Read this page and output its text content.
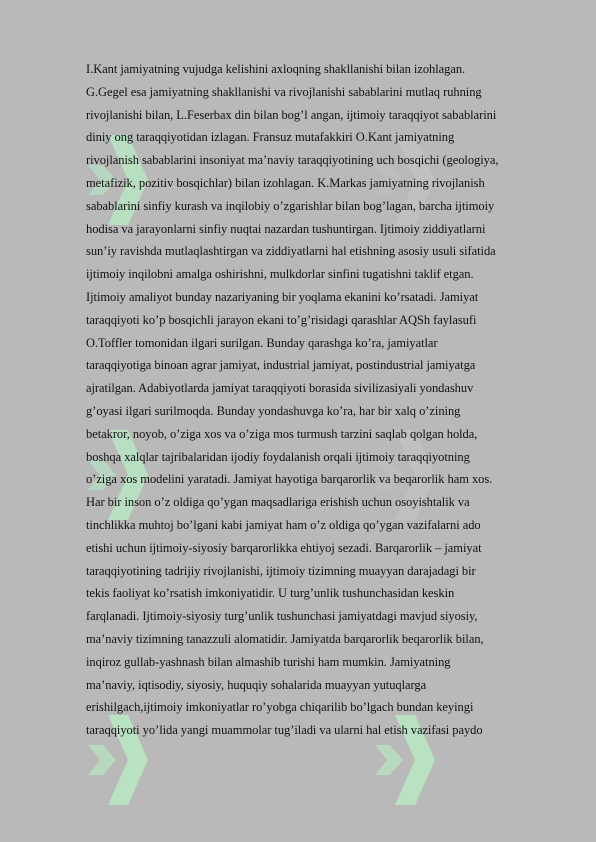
I.Kant jamiyatning vujudga kelishini axloqning shakllanishi bilan izohlagan.
G.Gegel esa jamiyatning shakllanishi va rivojlanishi sabablarini mutlaq ruhning
rivojlanishi bilan, L.Feserbax din bilan bog’l angan, ijtimoiy taraqqiyot sabablarini
diniy ong taraqqiyotidan izlagan. Fransuz mutafakkiri O.Kant jamiyatning
rivojlanish sabablarini insoniyat ma’naviy taraqqiyotining uch bosqichi (geologiya,
metafizik, pozitiv bosqichlar) bilan izohlagan. K.Markas jamiyatning rivojlanish
sabablarini sinfiy kurash va inqilobiy o’zgarishlar bilan bog’lagan, barcha ijtimoiy
hodisa va jarayonlarni sinfiy nuqtai nazardan tushuntirgan. Ijtimoiy ziddiyatlarni
sun’iy ravishda mutlaqlashtirgan va ziddiyatlarni hal etishning asosiy usuli sifatida
ijtimoiy inqilobni amalga oshirishni, mulkdorlar sinfini tugatishni taklif etgan.
Ijtimoiy amaliyot bunday nazariyaning bir yoqlama ekanini ko’rsatadi. Jamiyat
taraqqiyoti ko’p bosqichli jarayon ekani to’g’risidagi qarashlar AQSh faylasufi
O.Toffler tomonidan ilgari surilgan. Bunday qarashga ko’ra, jamiyatlar
taraqqiyotiga binoan agrar jamiyat, industrial jamiyat, postindustrial jamiyatga
ajratilgan. Adabiyotlarda jamiyat taraqqiyoti borasida sivilizasiyali yondashuv
g’oyasi ilgari surilmoqda. Bunday yondashuvga ko’ra, har bir xalq o’zining
betakror, noyob, o’ziga xos va o’ziga mos turmush tarzini saqlab qolgan holda,
boshqa xalqlar tajribalaridan ijodiy foydalanish orqali ijtimoiy taraqqiyotning
o’ziga xos modelini yaratadi. Jamiyat hayotiga barqarorlik va beqarorlik ham xos.
Har bir inson o’z oldiga qo’ygan maqsadlariga erishish uchun osoyishtalik va
tinchlikka muhtoj bo’lgani kabi jamiyat ham o’z oldiga qo’ygan vazifalarni ado
etishi uchun ijtimoiy-siyosiy barqarorlikka ehtiyoj sezadi. Barqarorlik – jamiyat
taraqqiyotining tadrijiy rivojlanishi, ijtimoiy tizimning muayyan darajadagi bir
tekis faoliyat ko’rsatish imkoniyatidir. U turg’unlik tushunchasidan keskin
farqlanadi. Ijtimoiy-siyosiy turg’unlik tushunchasi jamiyatdagi mavjud siyosiy,
ma’naviy tizimning tanazzuli alomatidir. Jamiyatda barqarorlik beqarorlik bilan,
inqiroz gullab-yashnash bilan almashib turishi ham mumkin. Jamiyatning
ma’naviy, iqtisodiy, siyosiy, huquqiy sohalarida muayyan yutuqlarga
erishilgach,ijtimoiy imkoniyatlar ro’yobga chiqarilib bo’lgach bundan keyingi
taraqqiyoti yo’lida yangi muammolar tug’iladi va ularni hal etish vazifasi paydo
